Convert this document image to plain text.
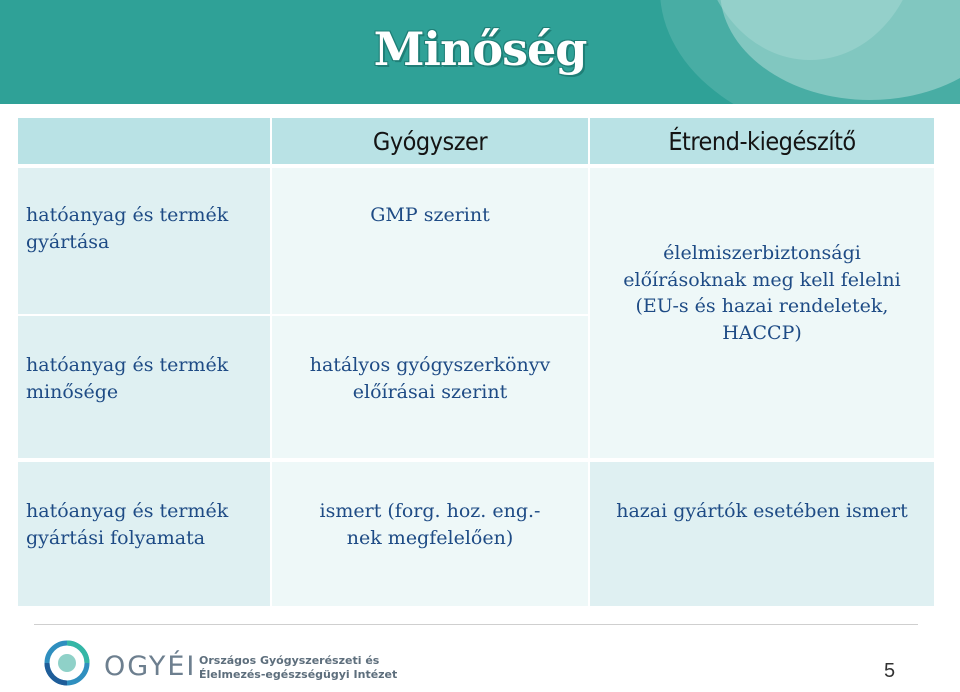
Minőség
Gyógyszer	Étrend-kiegészítő
hatóanyag és termék gyártása
GMP szerint
élelmiszerbiztonsági előírásoknak meg kell felelni (EU-s és hazai rendeletek, HACCP)
hatóanyag és termék minősége
hatályos gyógyszerkönyv előírásai szerint
hatóanyag és termék gyártási folyamata
ismert (forg. hoz. eng.-nek megfelelően)
hazai gyártók esetében ismert
OGYÉI Országos Gyógyszerészeti és
Élelmezés-egészségügyi Intézet	5
